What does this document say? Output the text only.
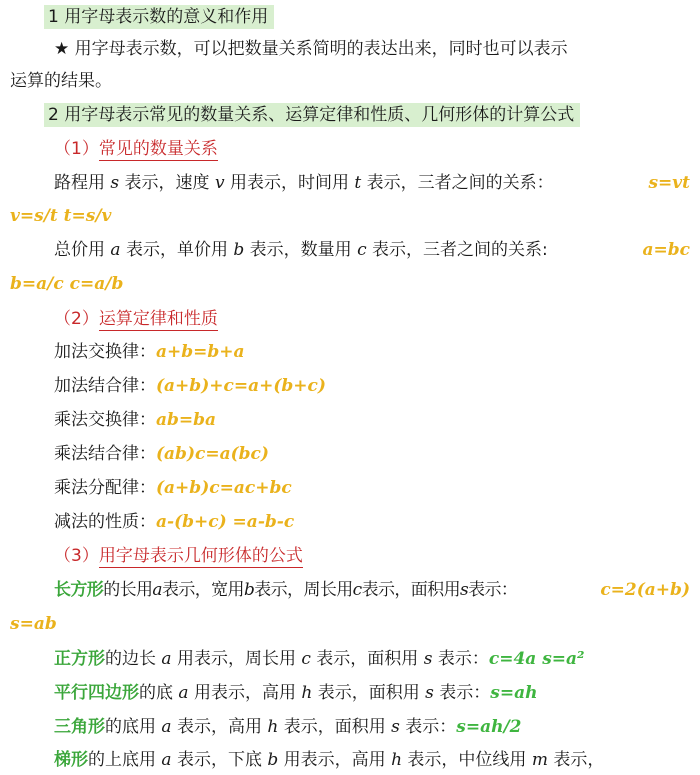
1 用字母表示数的意义和作用
★ 用字母表示数，可以把数量关系简明的表达出来，同时也可以表示
运算的结果。
2 用字母表示常见的数量关系、运算定律和性质、几何形体的计算公式
（1）常见的数量关系
路程用 s 表示，速度 v 用表示，时间用 t 表示，三者之间的关系：	s=vt
v=s/t t=s/v
总价用 a 表示，单价用 b 表示，数量用 c 表示，三者之间的关系:	a=bc
b=a/c c=a/b
（2）运算定律和性质
加法交换律：a+b=b+a
加法结合律：(a+b)+c=a+(b+c)
乘法交换律：ab=ba
乘法结合律：(ab)c=a(bc)
乘法分配律：(a+b)c=ac+bc
减法的性质：a-(b+c) =a-b-c
（3）用字母表示几何形体的公式
长方形的长用a表示，宽用b表示，周长用c表示，面积用s表示：	c=2(a+b)
s=ab
正方形的边长 a 用表示，周长用 c 表示，面积用 s 表示：c=4a s=a²
平行四边形的底 a 用表示，高用 h 表示，面积用 s 表示：s=ah
三角形的底用 a 表示，高用 h 表示，面积用 s 表示：s=ah/2
梯形的上底用 a 表示，下底 b 用表示，高用 h 表示，中位线用 m 表示，
